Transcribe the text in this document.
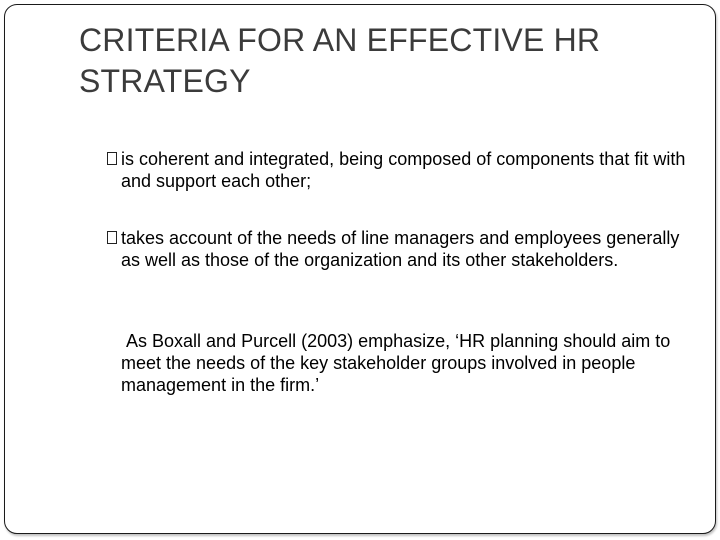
CRITERIA FOR AN EFFECTIVE HR STRATEGY
is coherent and integrated, being composed of components that fit with and support each other;
takes account of the needs of line managers and employees generally as well as those of the organization and its other stakeholders.
As Boxall and Purcell (2003) emphasize, ‘HR planning should aim to meet the needs of the key stakeholder groups involved in people management in the firm.’
